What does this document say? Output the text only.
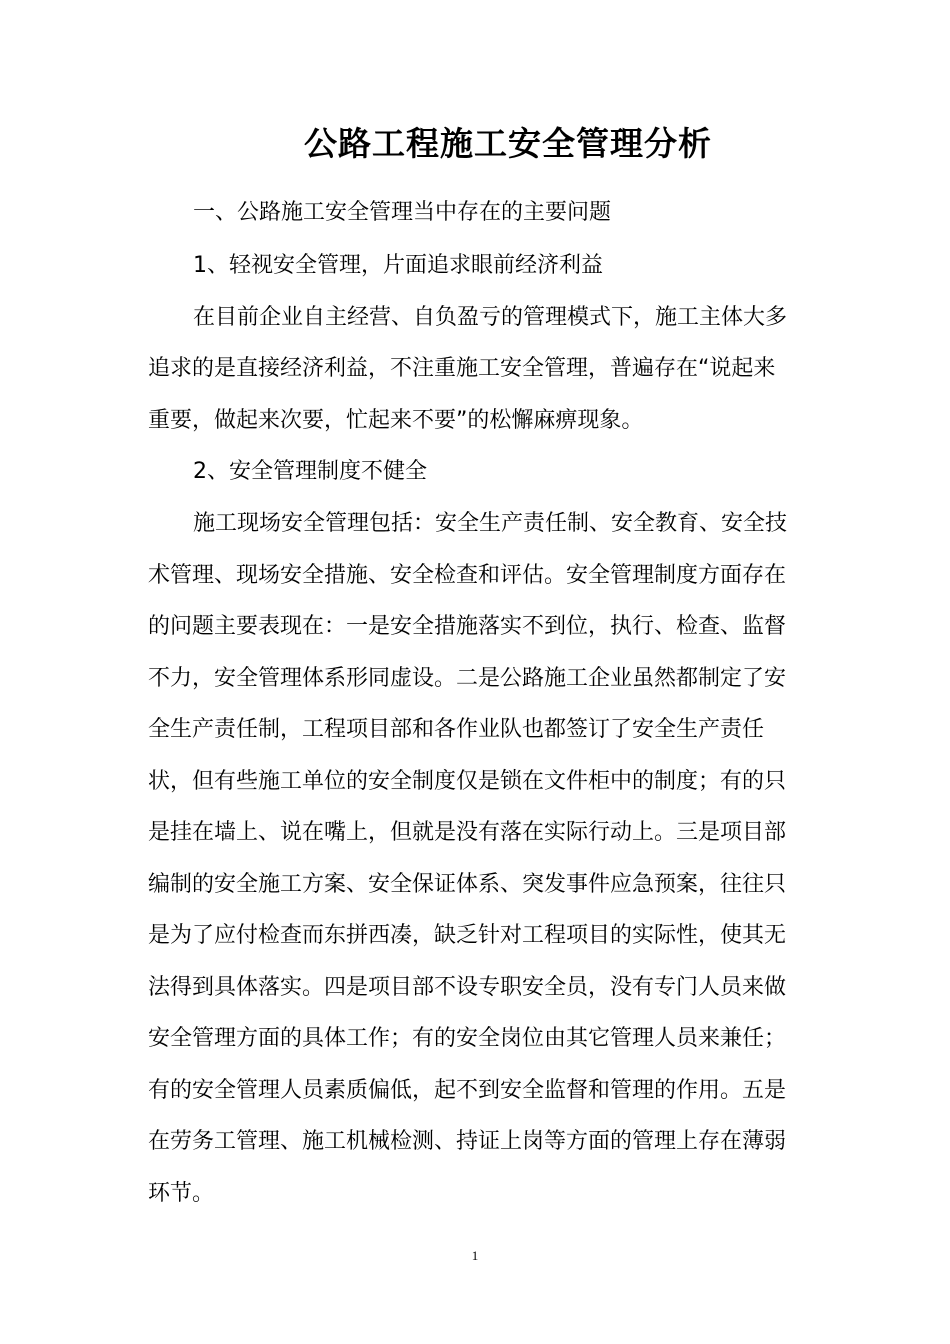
公路工程施工安全管理分析

一、公路施工安全管理当中存在的主要问题

1、轻视安全管理，片面追求眼前经济利益

在目前企业自主经营、自负盈亏的管理模式下，施工主体大多

追求的是直接经济利益，不注重施工安全管理，普遍存在“说起来

重要，做起来次要，忙起来不要”的松懈麻痹现象。

2、安全管理制度不健全

施工现场安全管理包括：安全生产责任制、安全教育、安全技

术管理、现场安全措施、安全检查和评估。安全管理制度方面存在

的问题主要表现在：一是安全措施落实不到位，执行、检查、监督

不力，安全管理体系形同虚设。二是公路施工企业虽然都制定了安

全生产责任制，工程项目部和各作业队也都签订了安全生产责任

状，但有些施工单位的安全制度仅是锁在文件柜中的制度；有的只

是挂在墙上、说在嘴上，但就是没有落在实际行动上。三是项目部

编制的安全施工方案、安全保证体系、突发事件应急预案，往往只

是为了应付检查而东拼西凑，缺乏针对工程项目的实际性，使其无

法得到具体落实。四是项目部不设专职安全员，没有专门人员来做

安全管理方面的具体工作；有的安全岗位由其它管理人员来兼任；

有的安全管理人员素质偏低，起不到安全监督和管理的作用。五是

在劳务工管理、施工机械检测、持证上岗等方面的管理上存在薄弱

环节。

1
